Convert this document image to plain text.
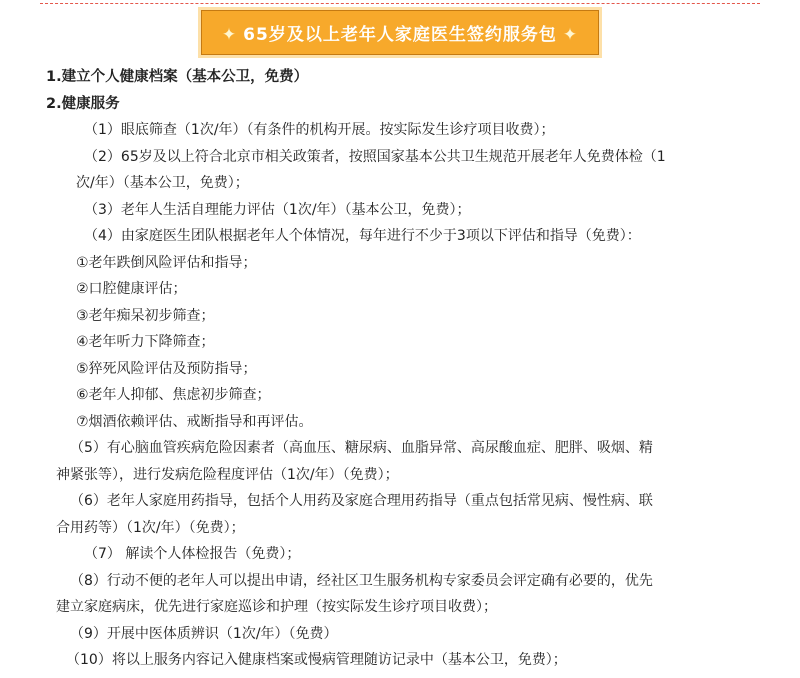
✦ 65岁及以上老年人家庭医生签约服务包 ✦
1.建立个人健康档案（基本公卫，免费）
2.健康服务
（1）眼底筛查（1次/年）（有条件的机构开展。按实际发生诊疗项目收费）；
（2）65岁及以上符合北京市相关政策者，按照国家基本公共卫生规范开展老年人免费体检（1
次/年）（基本公卫，免费）；
（3）老年人生活自理能力评估（1次/年）（基本公卫，免费）；
（4）由家庭医生团队根据老年人个体情况，每年进行不少于3项以下评估和指导（免费）：
①老年跌倒风险评估和指导；
②口腔健康评估；
③老年痴呆初步筛查；
④老年听力下降筛查；
⑤猝死风险评估及预防指导；
⑥老年人抑郁、焦虑初步筛查；
⑦烟酒依赖评估、戒断指导和再评估。
（5）有心脑血管疾病危险因素者（高血压、糖尿病、血脂异常、高尿酸血症、肥胖、吸烟、精
神紧张等），进行发病危险程度评估（1次/年）（免费）；
（6）老年人家庭用药指导，包括个人用药及家庭合理用药指导（重点包括常见病、慢性病、联
合用药等）（1次/年）（免费）；
（7） 解读个人体检报告（免费）；
（8）行动不便的老年人可以提出申请，经社区卫生服务机构专家委员会评定确有必要的，优先
建立家庭病床，优先进行家庭巡诊和护理（按实际发生诊疗项目收费）；
（9）开展中医体质辨识（1次/年）（免费）
（10）将以上服务内容记入健康档案或慢病管理随访记录中（基本公卫，免费）；
